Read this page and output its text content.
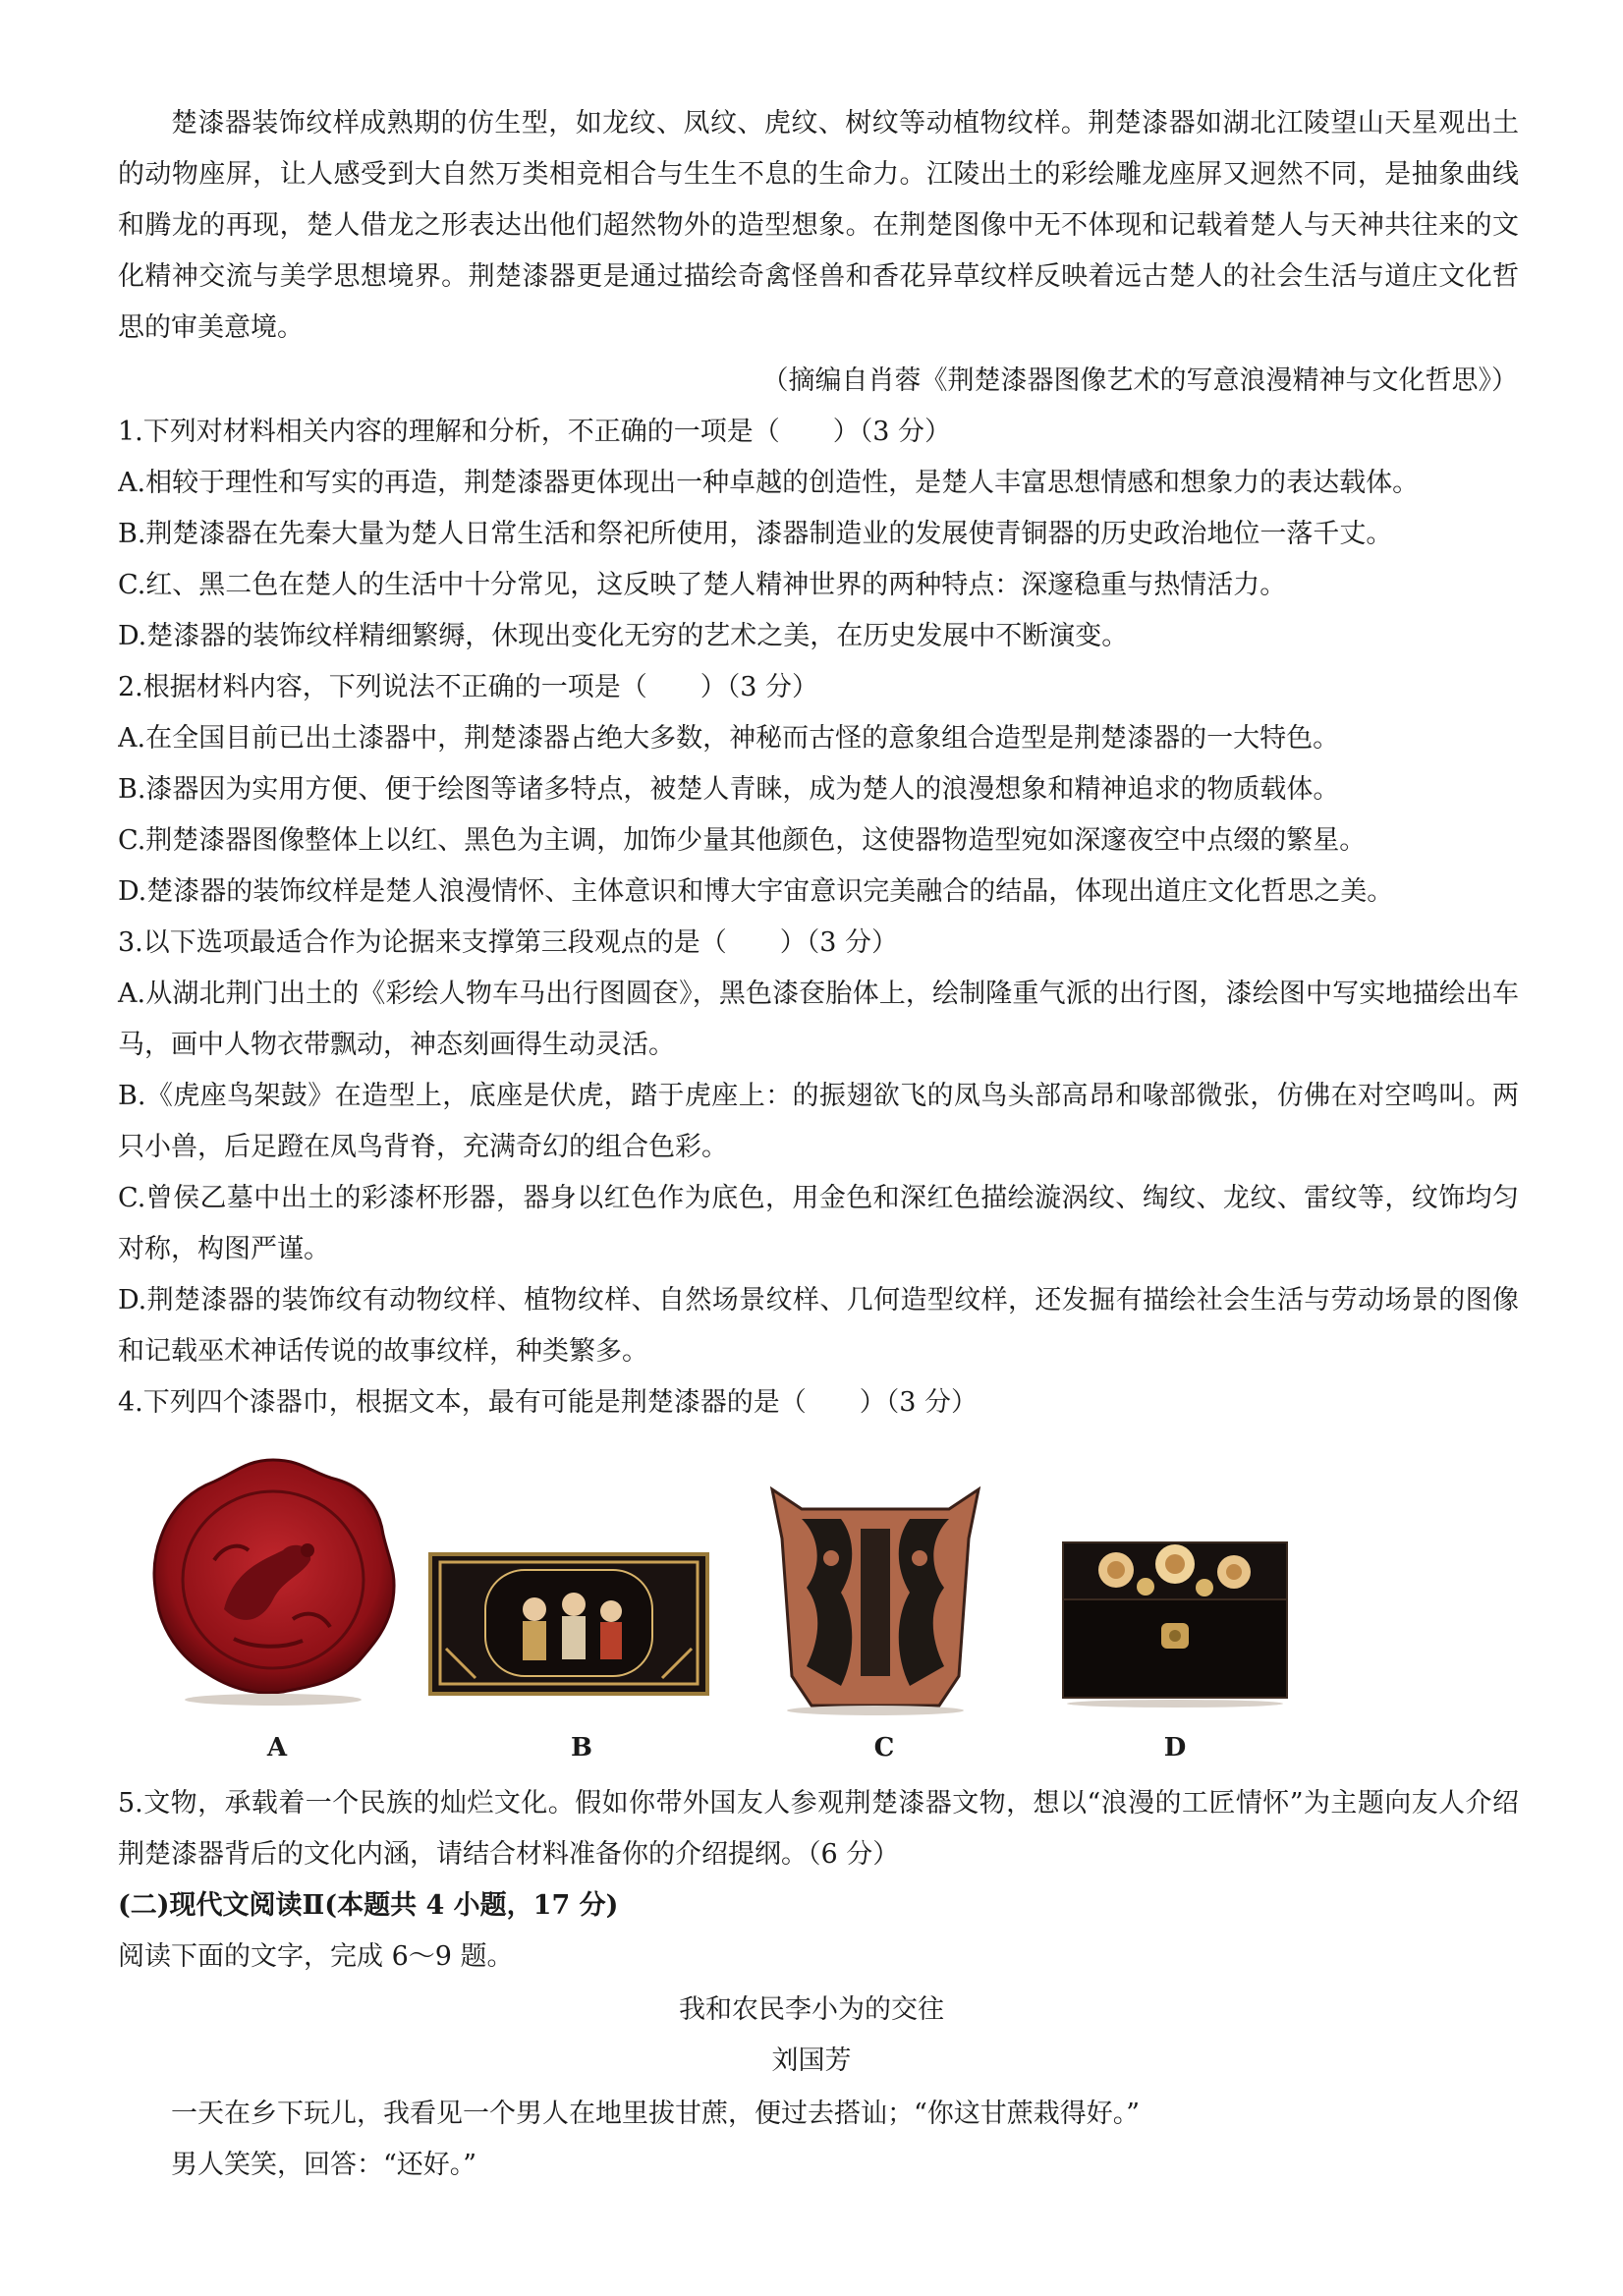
楚漆器装饰纹样成熟期的仿生型，如龙纹、凤纹、虎纹、树纹等动植物纹样。荆楚漆器如湖北江陵望山天星观出土的动物座屏，让人感受到大自然万类相竞相合与生生不息的生命力。江陵出土的彩绘雕龙座屏又迥然不同，是抽象曲线和腾龙的再现，楚人借龙之形表达出他们超然物外的造型想象。在荆楚图像中无不体现和记载着楚人与天神共往来的文化精神交流与美学思想境界。荆楚漆器更是通过描绘奇禽怪兽和香花异草纹样反映着远古楚人的社会生活与道庄文化哲思的审美意境。
（摘编自肖蓉《荆楚漆器图像艺术的写意浪漫精神与文化哲思》）
1.下列对材料相关内容的理解和分析，不正确的一项是（　　）（3 分）
A.相较于理性和写实的再造，荆楚漆器更体现出一种卓越的创造性，是楚人丰富思想情感和想象力的表达载体。
B.荆楚漆器在先秦大量为楚人日常生活和祭祀所使用，漆器制造业的发展使青铜器的历史政治地位一落千丈。
C.红、黑二色在楚人的生活中十分常见，这反映了楚人精神世界的两种特点：深邃稳重与热情活力。
D.楚漆器的装饰纹样精细繁缛，休现出变化无穷的艺术之美，在历史发展中不断演变。
2.根据材料内容，下列说法不正确的一项是（　　）（3 分）
A.在全国目前已出土漆器中，荆楚漆器占绝大多数，神秘而古怪的意象组合造型是荆楚漆器的一大特色。
B.漆器因为实用方便、便于绘图等诸多特点，被楚人青睐，成为楚人的浪漫想象和精神追求的物质载体。
C.荆楚漆器图像整体上以红、黑色为主调，加饰少量其他颜色，这使器物造型宛如深邃夜空中点缀的繁星。
D.楚漆器的装饰纹样是楚人浪漫情怀、主体意识和博大宇宙意识完美融合的结晶，体现出道庄文化哲思之美。
3.以下选项最适合作为论据来支撑第三段观点的是（　　）（3 分）
A.从湖北荆门出土的《彩绘人物车马出行图圆奁》，黑色漆奁胎体上，绘制隆重气派的出行图，漆绘图中写实地描绘出车马，画中人物衣带飘动，神态刻画得生动灵活。
B.《虎座鸟架鼓》在造型上，底座是伏虎，踏于虎座上：的振翅欲飞的凤鸟头部高昂和喙部微张，仿佛在对空鸣叫。两只小兽，后足蹬在凤鸟背脊，充满奇幻的组合色彩。
C.曾侯乙墓中出土的彩漆杯形器，器身以红色作为底色，用金色和深红色描绘漩涡纹、绹纹、龙纹、雷纹等，纹饰均匀对称，构图严谨。
D.荆楚漆器的装饰纹有动物纹样、植物纹样、自然场景纹样、几何造型纹样，还发掘有描绘社会生活与劳动场景的图像和记载巫术神话传说的故事纹样，种类繁多。
4.下列四个漆器巾，根据文本，最有可能是荆楚漆器的是（　　）（3 分）
A	B	C	D
5.文物，承载着一个民族的灿烂文化。假如你带外国友人参观荆楚漆器文物，想以“浪漫的工匠情怀”为主题向友人介绍荆楚漆器背后的文化内涵，请结合材料准备你的介绍提纲。（6 分）
(二)现代文阅读Ⅱ(本题共 4 小题，17 分)
阅读下面的文字，完成 6～9 题。
我和农民李小为的交往
刘国芳
一天在乡下玩儿，我看见一个男人在地里拔甘蔗，便过去搭讪；“你这甘蔗栽得好。”
男人笑笑，回答：“还好。”
